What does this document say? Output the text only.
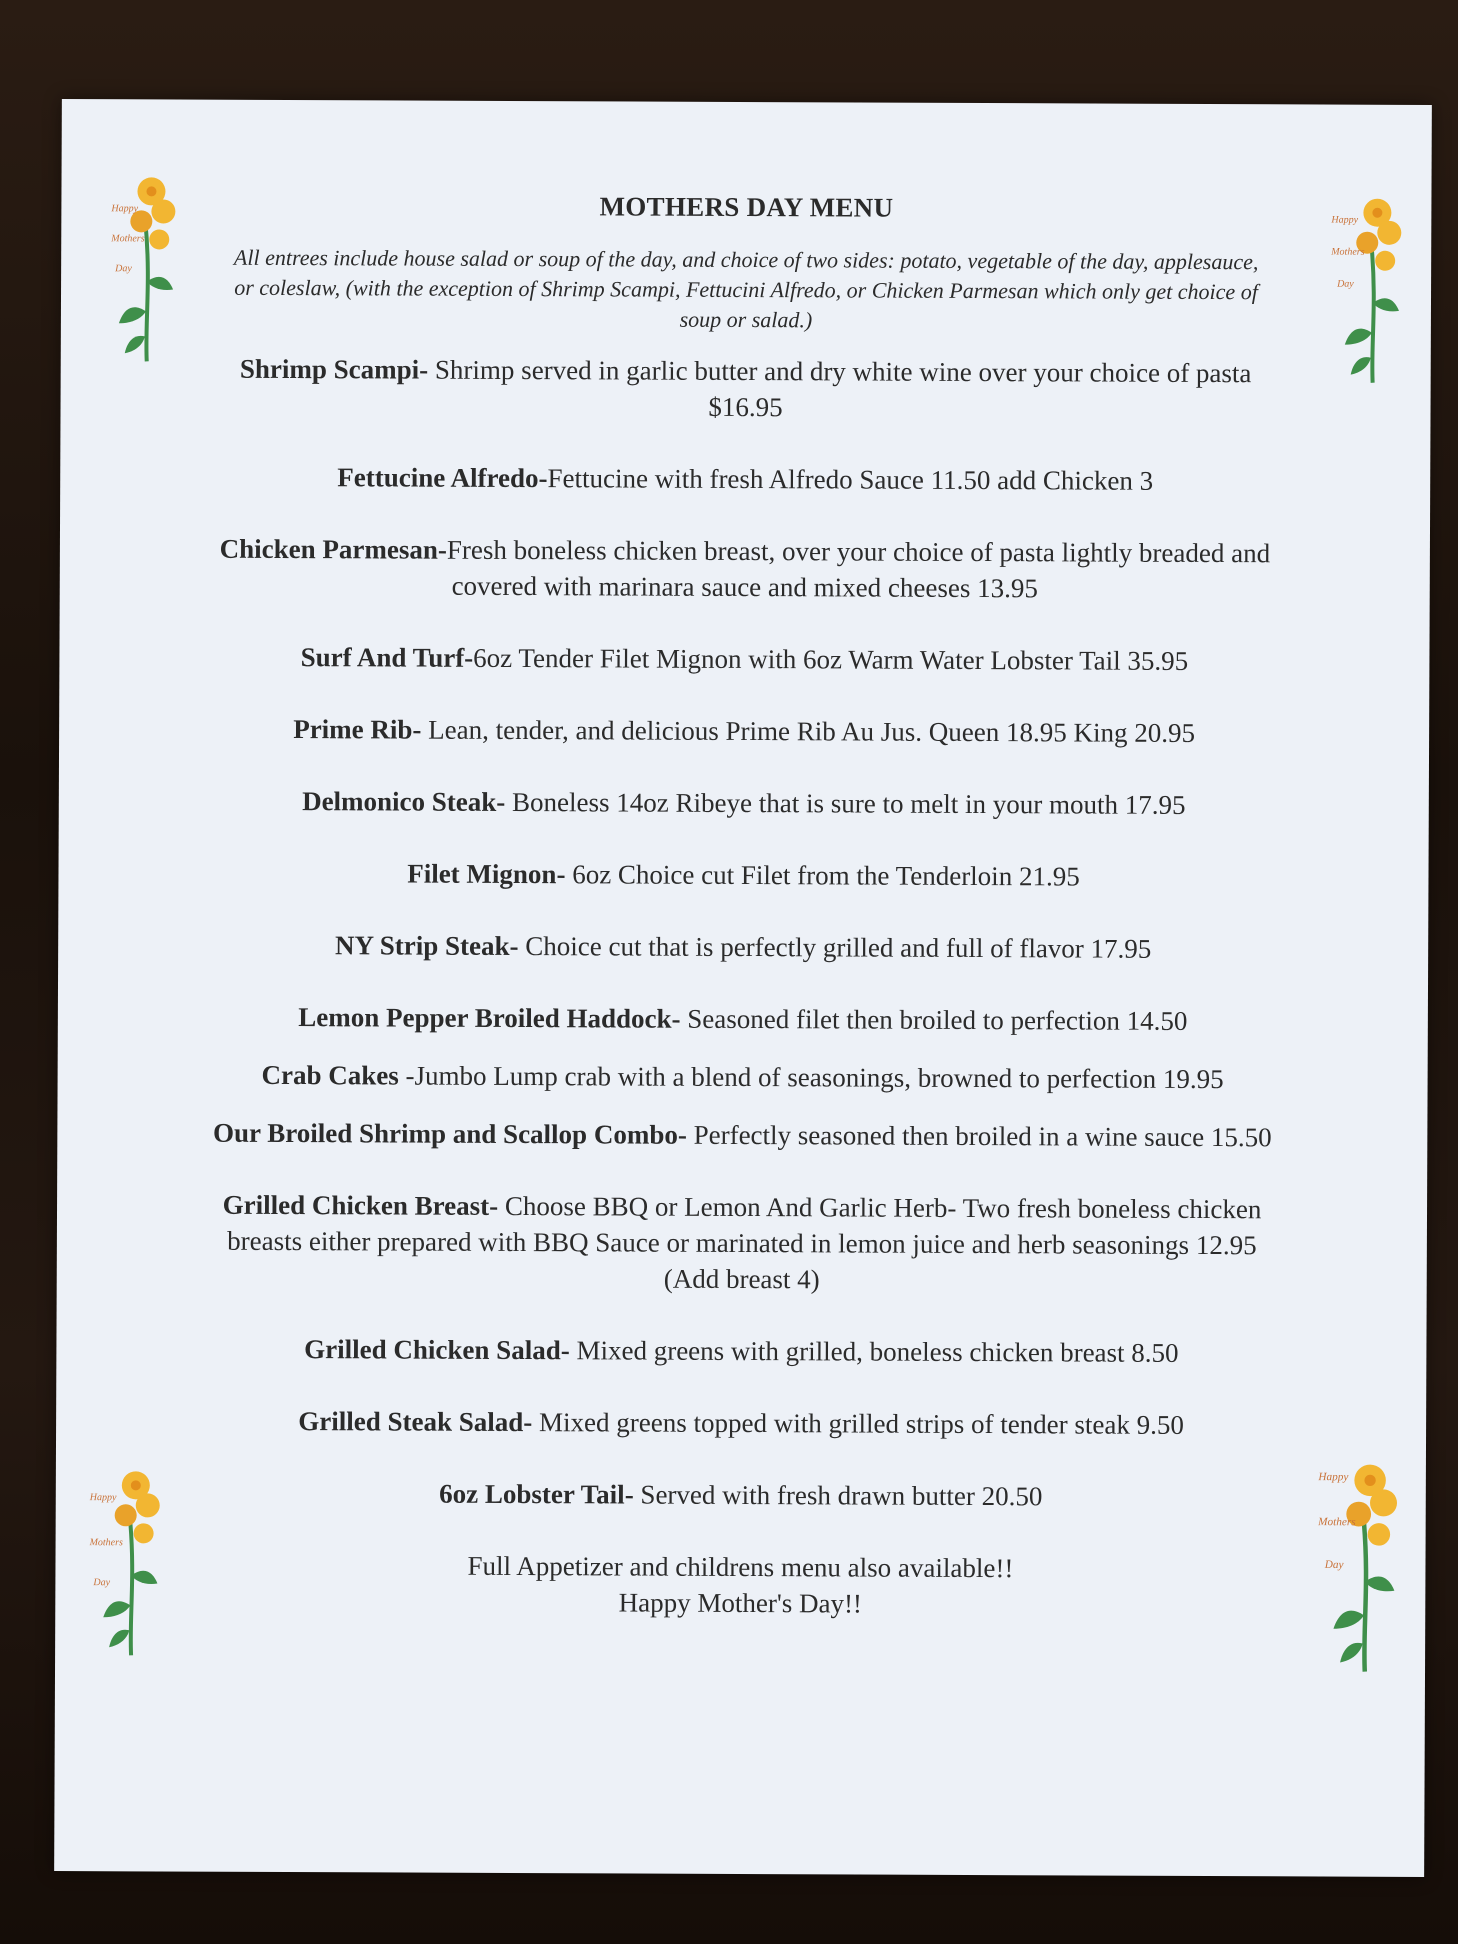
Happy
Mothers
Day
Happy
Mothers
Day
MOTHERS DAY MENU
All entrees include house salad or soup of the day, and choice of two sides: potato, vegetable of the day, applesauce, or coleslaw, (with the exception of Shrimp Scampi, Fettucini Alfredo, or Chicken Parmesan which only get choice of soup or salad.)
Shrimp Scampi- Shrimp served in garlic butter and dry white wine over your choice of pasta $16.95
Fettucine Alfredo-Fettucine with fresh Alfredo Sauce 11.50 add Chicken 3
Chicken Parmesan-Fresh boneless chicken breast, over your choice of pasta lightly breaded and covered with marinara sauce and mixed cheeses 13.95
Surf And Turf-6oz Tender Filet Mignon with 6oz Warm Water Lobster Tail 35.95
Prime Rib- Lean, tender, and delicious Prime Rib Au Jus. Queen 18.95 King 20.95
Delmonico Steak- Boneless 14oz Ribeye that is sure to melt in your mouth 17.95
Filet Mignon- 6oz Choice cut Filet from the Tenderloin 21.95
NY Strip Steak- Choice cut that is perfectly grilled and full of flavor 17.95
Lemon Pepper Broiled Haddock- Seasoned filet then broiled to perfection 14.50
Crab Cakes -Jumbo Lump crab with a blend of seasonings, browned to perfection 19.95
Our Broiled Shrimp and Scallop Combo- Perfectly seasoned then broiled in a wine sauce 15.50
Grilled Chicken Breast- Choose BBQ or Lemon And Garlic Herb- Two fresh boneless chicken breasts either prepared with BBQ Sauce or marinated in lemon juice and herb seasonings 12.95 (Add breast 4)
Grilled Chicken Salad- Mixed greens with grilled, boneless chicken breast 8.50
Grilled Steak Salad- Mixed greens topped with grilled strips of tender steak 9.50
6oz Lobster Tail- Served with fresh drawn butter 20.50
Full Appetizer and childrens menu also available!!
Happy Mother's Day!!
Happy
Mothers
Day
Happy
Mothers
Day
